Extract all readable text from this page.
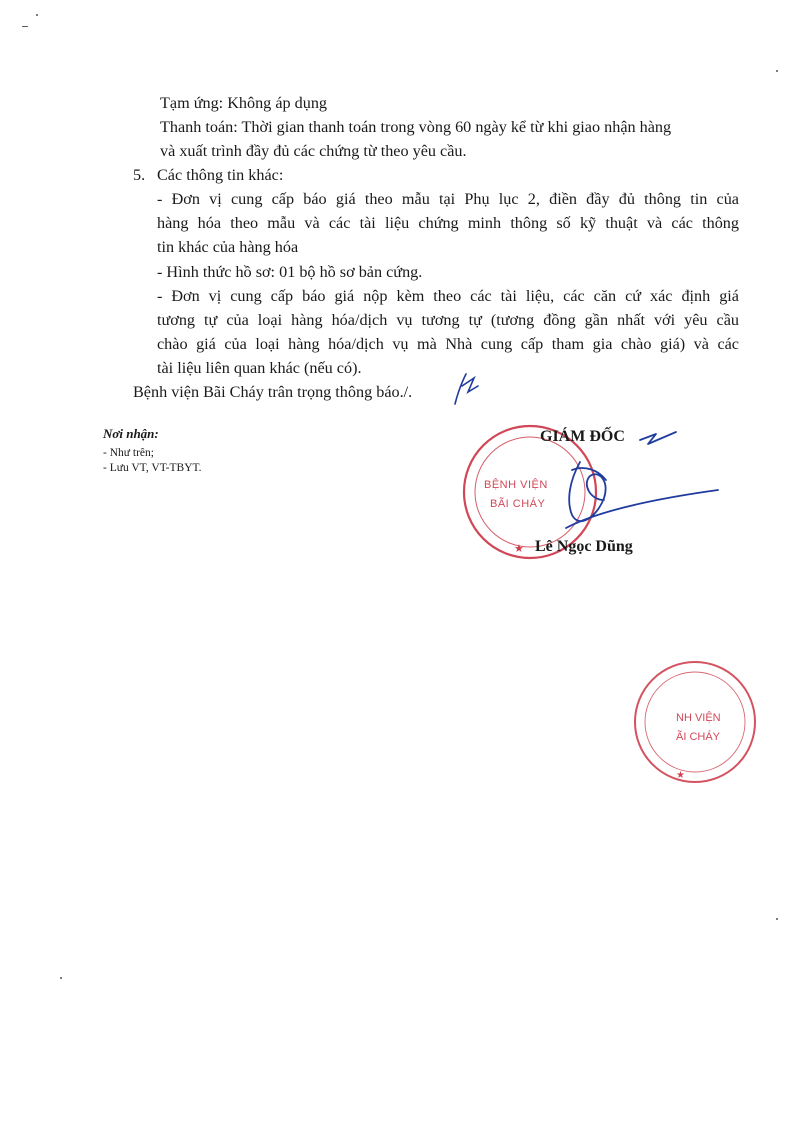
Tạm ứng: Không áp dụng
Thanh toán: Thời gian thanh toán trong vòng 60 ngày kể từ khi giao nhận hàng
và xuất trình đầy đủ các chứng từ theo yêu cầu.
5. Các thông tin khác:
- Đơn vị cung cấp báo giá theo mẫu tại Phụ lục 2, điền đầy đủ thông tin của
hàng hóa theo mẫu và các tài liệu chứng minh thông số kỹ thuật và các thông
tin khác của hàng hóa
- Hình thức hồ sơ: 01 bộ hồ sơ bản cứng.
- Đơn vị cung cấp báo giá nộp kèm theo các tài liệu, các căn cứ xác định giá
tương tự của loại hàng hóa/dịch vụ tương tự (tương đồng gần nhất với yêu cầu
chào giá của loại hàng hóa/dịch vụ mà Nhà cung cấp tham gia chào giá) và các
tài liệu liên quan khác (nếu có).
Bệnh viện Bãi Cháy trân trọng thông báo./.
Nơi nhận:
- Như trên;
- Lưu VT, VT-TBYT.
BỆNH VIỆN
BÃI CHÁY
★
NH VIỆN
ÃI CHÁY
★
GIÁM ĐỐC
Lê Ngọc Dũng
